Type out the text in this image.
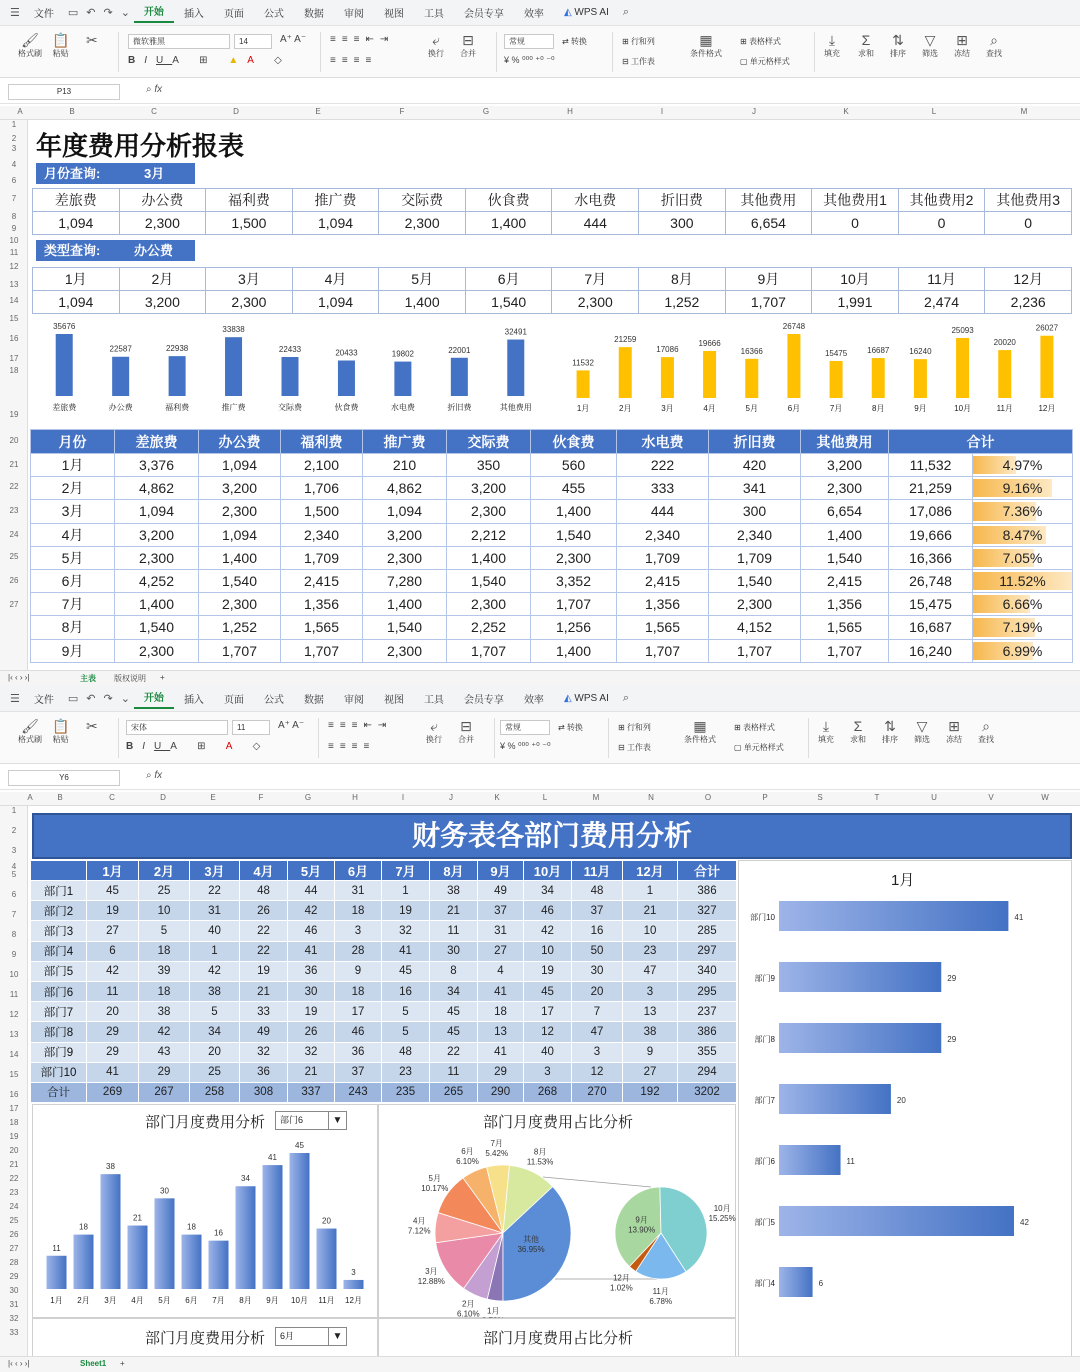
☰	文件	▭ ↶ ↷ ⌄	开始	插入	页面	公式	数据	审阅	视图	工具	会员专享	效率	◭ WPS AI	⌕
🖌
格式刷
📋
粘贴
✂	微软雅黑	14	A⁺ A⁻
BIUA ⊞ ▲A ◇
≡≡≡⇤⇥
≡≡≡≡
⤶
换行
⊟
合并
常规
¥ % ⁰⁰⁰ ⁺⁰ ⁻⁰
⇄ 转换	⊞ 行和列
⊟ 工作表
▦
条件格式
⊞ 表格样式
▢ 单元格样式
⤓
填充
Σ
求和
⇅
排序
▽
筛选
⊞
冻结
⌕
查找
P13	⌕ fx
A	B	C	D	E	F	G	H	I	J	K	L	M
1
2
3
4
6
7
8
9
10
11
12
13
14
15
16
17
18
19
20
21
22
23
24
25
26
27
年度费用分析报表
月份查询:	3月
差旅费	办公费	福利费	推广费	交际费	伙食费	水电费	折旧费	其他费用	其他费用1	其他费用2	其他费用3
1,094	2,300	1,500	1,094	2,300	1,400	444	300	6,654	0	0	0
类型查询:	办公费
1月	2月	3月	4月	5月	6月	7月	8月	9月	10月	11月	12月
1,094	3,200	2,300	1,094	1,400	1,540	2,300	1,252	1,707	1,991	2,474	2,236
35676
差旅费
22587
办公费
22938
福利费
33838
推广费
22433
交际费
20433
伙食费
19802
水电费
22001
折旧费
32491
其他费用
11532
1月
21259
2月
17086
3月
19666
4月
16366
5月
26748
6月
15475
7月
16687
8月
16240
9月
25093
10月
20020
11月
26027
12月
月份	差旅费	办公费	福利费	推广费	交际费	伙食费	水电费	折旧费	其他费用	合计	
1月	3,376	1,094	2,100	210	350	560	222	420	3,200	11,532	4.97%
2月	4,862	3,200	1,706	4,862	3,200	455	333	341	2,300	21,259	9.16%
3月	1,094	2,300	1,500	1,094	2,300	1,400	444	300	6,654	17,086	7.36%
4月	3,200	1,094	2,340	3,200	2,212	1,540	2,340	2,340	1,400	19,666	8.47%
5月	2,300	1,400	1,709	2,300	1,400	2,300	1,709	1,709	1,540	16,366	7.05%
6月	4,252	1,540	2,415	7,280	1,540	3,352	2,415	1,540	2,415	26,748	11.52%
7月	1,400	2,300	1,356	1,400	2,300	1,707	1,356	2,300	1,356	15,475	6.66%
8月	1,540	1,252	1,565	1,540	2,252	1,256	1,565	4,152	1,565	16,687	7.19%
9月	2,300	1,707	1,707	2,300	1,707	1,400	1,707	1,707	1,707	16,240	6.99%
|‹ ‹ › ›|	主表 版权说明 +
☰	文件	▭ ↶ ↷ ⌄	开始	插入	页面	公式	数据	审阅	视图	工具	会员专享	效率	◭ WPS AI	⌕
🖌
格式刷
📋
粘贴
✂	宋体	11	A⁺ A⁻
BIUA ⊞ A ◇
≡≡≡⇤⇥
≡≡≡≡
⤶
换行
⊟
合并
常规
¥ % ⁰⁰⁰ ⁺⁰ ⁻⁰
⇄ 转换	⊞ 行和列
⊟ 工作表
▦
条件格式
⊞ 表格样式
▢ 单元格样式
⤓
填充
Σ
求和
⇅
排序
▽
筛选
⊞
冻结
⌕
查找
Y6	⌕ fx
A	B	C	D	E	F	G	H	I	J	K	L	M	N	O	P	S	T	U	V	W
1
2
3
4
5
6
7
8
9
10
11
12
13
14
15
16
17
18
19
20
21
22
23
24
25
26
27
28
29
30
31
32
33
财务表各部门费用分析
	1月	2月	3月	4月	5月	6月	7月	8月	9月	10月	11月	12月	合计
部门1	45	25	22	48	44	31	1	38	49	34	48	1	386
部门2	19	10	31	26	42	18	19	21	37	46	37	21	327
部门3	27	5	40	22	46	3	32	11	31	42	16	10	285
部门4	6	18	1	22	41	28	41	30	27	10	50	23	297
部门5	42	39	42	19	36	9	45	8	4	19	30	47	340
部门6	11	18	38	21	30	18	16	34	41	45	20	3	295
部门7	20	38	5	33	19	17	5	45	18	17	7	13	237
部门8	29	42	34	49	26	46	5	45	13	12	47	38	386
部门9	29	43	20	32	32	36	48	22	41	40	3	9	355
部门10	41	29	25	36	21	37	23	11	29	3	12	27	294
合计	269	267	258	308	337	243	235	265	290	268	270	192	3202
部门月度费用分析	部门6	▼
11
1月
18
2月
38
3月
21
4月
30
5月
18
6月
16
7月
34
8月
41
9月
45
10月
20
11月
3
12月
部门月度费用占比分析
1月
2月
6.10%
3月
12.88%
4月
7.12%
5月
10.17%
6月
6.10%
7月
5.42%	8月
11.53%
其他
36.95%
9月
13.90%
10月
15.25%
11月
6.78%
12月
1.02%
部门月度费用分析	6月	▼	部门月度费用占比分析
1月
部门10	41
部门9	29
部门8	29
部门7	20
部门6	11
部门5	42
部门4	6
|‹ ‹ › ›|	Sheet1 +
